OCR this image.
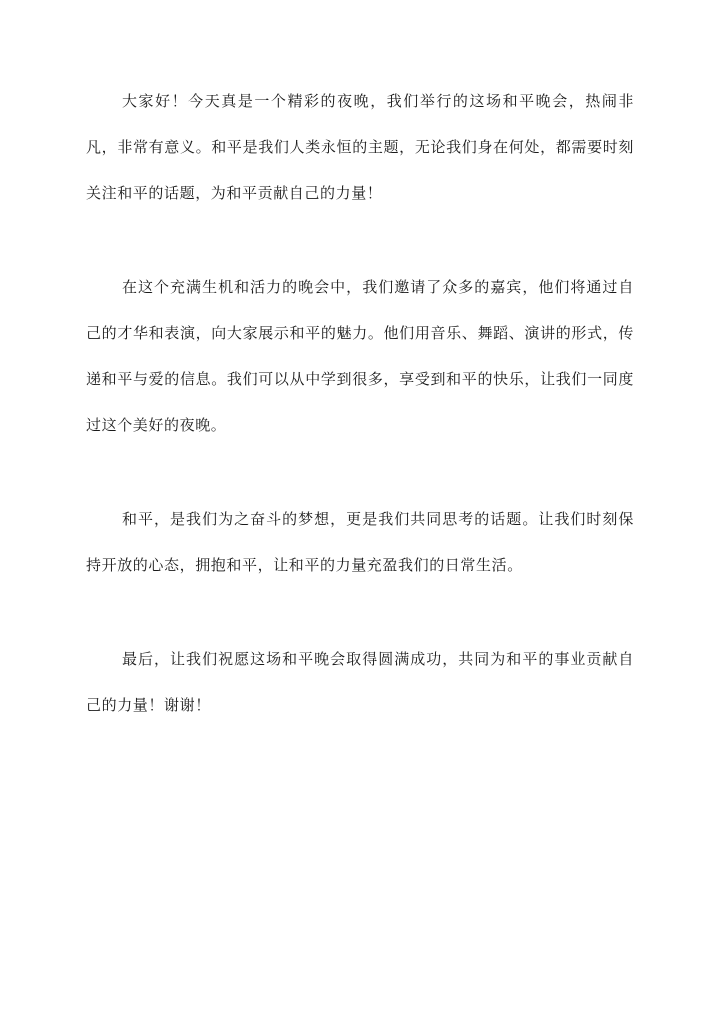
大家好！今天真是一个精彩的夜晚，我们举行的这场和平晚会，热闹非凡，非常有意义。和平是我们人类永恒的主题，无论我们身在何处，都需要时刻关注和平的话题，为和平贡献自己的力量！

在这个充满生机和活力的晚会中，我们邀请了众多的嘉宾，他们将通过自己的才华和表演，向大家展示和平的魅力。他们用音乐、舞蹈、演讲的形式，传递和平与爱的信息。我们可以从中学到很多，享受到和平的快乐，让我们一同度过这个美好的夜晚。

和平，是我们为之奋斗的梦想，更是我们共同思考的话题。让我们时刻保持开放的心态，拥抱和平，让和平的力量充盈我们的日常生活。

最后，让我们祝愿这场和平晚会取得圆满成功，共同为和平的事业贡献自己的力量！谢谢！
